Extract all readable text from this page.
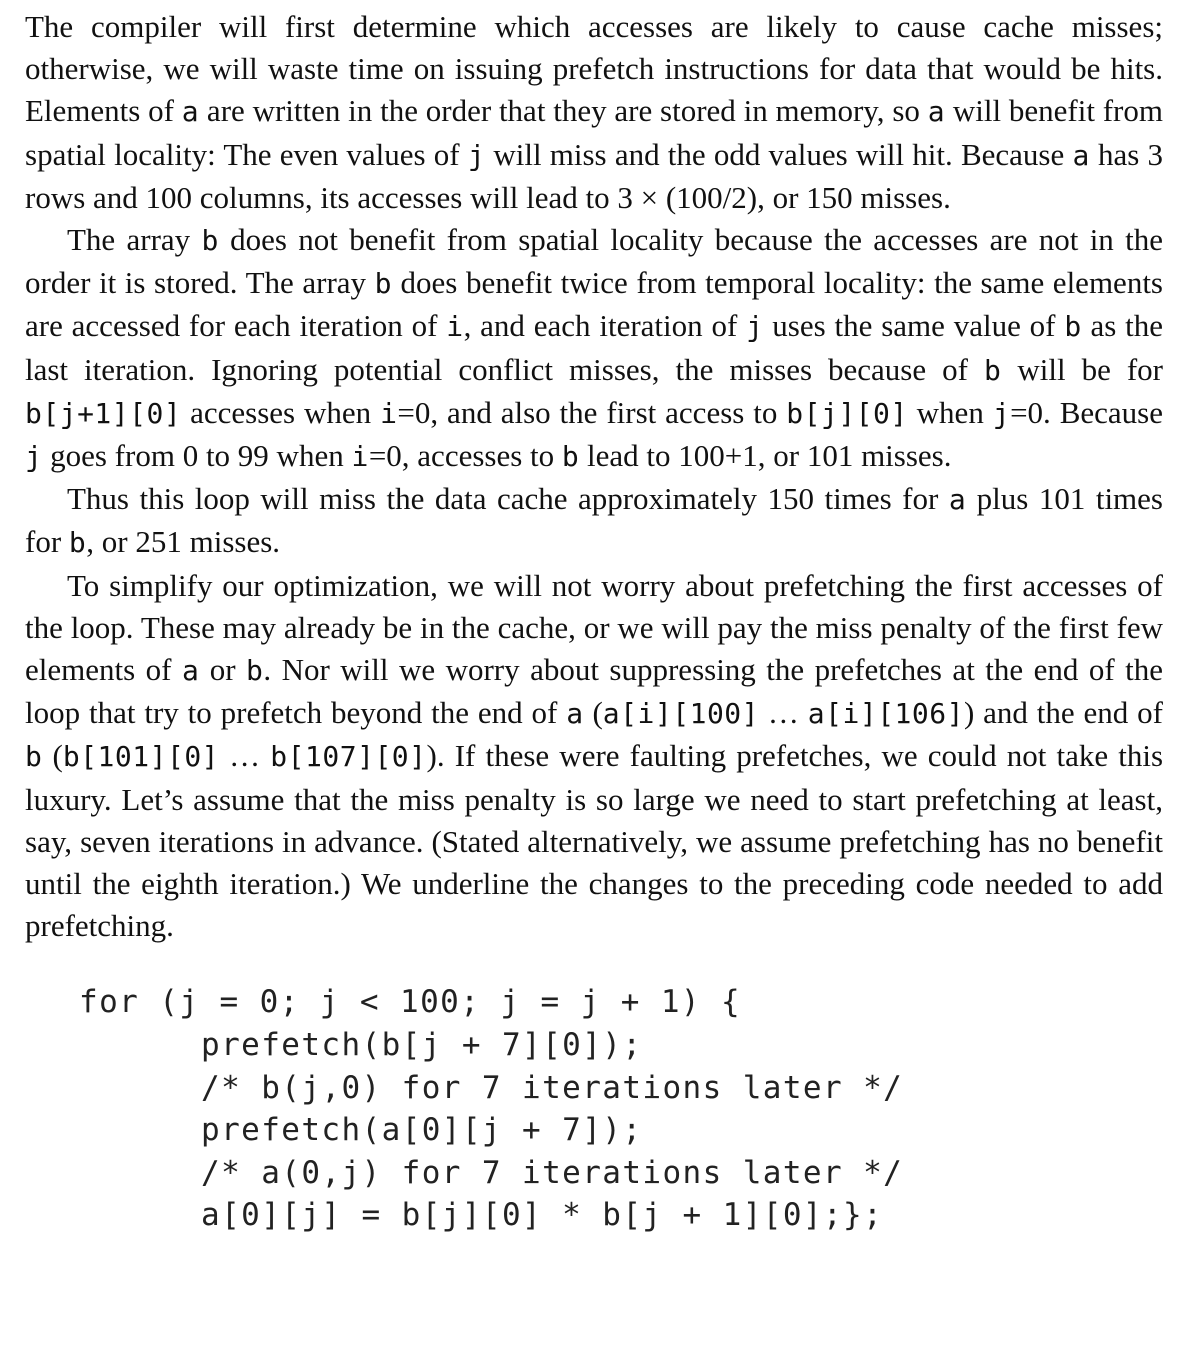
The compiler will first determine which accesses are likely to cause cache misses; otherwise, we will waste time on issuing prefetch instructions for data that would be hits. Elements of a are written in the order that they are stored in memory, so a will benefit from spatial locality: The even values of j will miss and the odd values will hit. Because a has 3 rows and 100 columns, its accesses will lead to 3 × (100/2), or 150 misses.

The array b does not benefit from spatial locality because the accesses are not in the order it is stored. The array b does benefit twice from temporal locality: the same elements are accessed for each iteration of i, and each iteration of j uses the same value of b as the last iteration. Ignoring potential conflict misses, the misses because of b will be for b[j+1][0] accesses when i=0, and also the first access to b[j][0] when j=0. Because j goes from 0 to 99 when i=0, accesses to b lead to 100+1, or 101 misses.

Thus this loop will miss the data cache approximately 150 times for a plus 101 times for b, or 251 misses.

To simplify our optimization, we will not worry about prefetching the first accesses of the loop. These may already be in the cache, or we will pay the miss penalty of the first few elements of a or b. Nor will we worry about suppressing the prefetches at the end of the loop that try to prefetch beyond the end of a (a[i][100] … a[i][106]) and the end of b (b[101][0] … b[107][0]). If these were faulting prefetches, we could not take this luxury. Let’s assume that the miss penalty is so large we need to start prefetching at least, say, seven iterations in advance. (Stated alternatively, we assume prefetching has no benefit until the eighth iteration.) We underline the changes to the preceding code needed to add prefetching.

for (j = 0; j < 100; j = j + 1) {
prefetch(b[j + 7][0]);
/* b(j,0) for 7 iterations later */
prefetch(a[0][j + 7]);
/* a(0,j) for 7 iterations later */
a[0][j] = b[j][0] * b[j + 1][0];};
